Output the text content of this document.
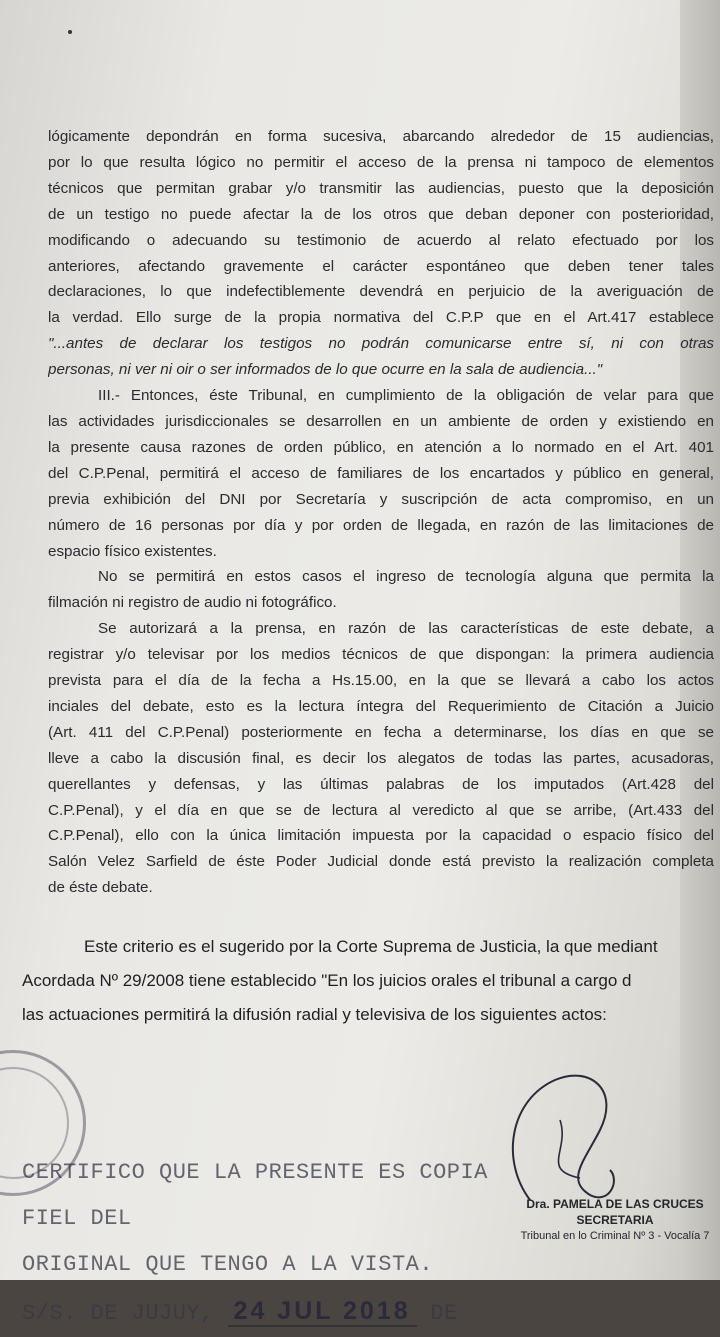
lógicamente depondrán en forma sucesiva, abarcando alrededor de 15 audiencias,
por lo que resulta lógico no permitir el acceso de la prensa ni tampoco de elementos
técnicos que permitan grabar y/o transmitir las audiencias, puesto que la deposición
de un testigo no puede afectar la de los otros que deban deponer con posterioridad,
modificando o adecuando su testimonio de acuerdo al relato efectuado por los
anteriores, afectando gravemente el carácter espontáneo que deben tener tales
declaraciones, lo que indefectiblemente devendrá en perjuicio de la averiguación de
la verdad. Ello surge de la propia normativa del C.P.P que en el Art.417 establece
"...antes de declarar los testigos no podrán comunicarse entre sí, ni con otras
personas, ni ver ni oir o ser informados de lo que ocurre en la sala de audiencia..."
III.- Entonces, éste Tribunal, en cumplimiento de la obligación de velar para que
las actividades jurisdiccionales se desarrollen en un ambiente de orden y existiendo en
la presente causa razones de orden público, en atención a lo normado en el Art. 401
del C.P.Penal, permitirá el acceso de familiares de los encartados y público en general,
previa exhibición del DNI por Secretaría y suscripción de acta compromiso, en un
número de 16 personas por día y por orden de llegada, en razón de las limitaciones de
espacio físico existentes.
No se permitirá en estos casos el ingreso de tecnología alguna que permita la
filmación ni registro de audio ni fotográfico.
Se autorizará a la prensa, en razón de las características de este debate, a
registrar y/o televisar por los medios técnicos de que dispongan: la primera audiencia
prevista para el día de la fecha a Hs.15.00, en la que se llevará a cabo los actos
inciales del debate, esto es la lectura íntegra del Requerimiento de Citación a Juicio
(Art. 411 del C.P.Penal) posteriormente en fecha a determinarse, los días en que se
lleve a cabo la discusión final, es decir los alegatos de todas las partes, acusadoras,
querellantes y defensas, y las últimas palabras de los imputados (Art.428 del
C.P.Penal), y el día en que se de lectura al veredicto al que se arribe, (Art.433 del
C.P.Penal), ello con la única limitación impuesta por la capacidad o espacio físico del
Salón Velez Sarfield de éste Poder Judicial donde está previsto la realización completa
de éste debate.
Este criterio es el sugerido por la Corte Suprema de Justicia, la que mediant
Acordada Nº 29/2008 tiene establecido "En los juicios orales el tribunal a cargo d
las actuaciones permitirá la difusión radial y televisiva de los siguientes actos:
CERTIFICO QUE LA PRESENTE ES COPIA FIEL DEL
ORIGINAL QUE TENGO A LA VISTA.
S/S. DE JUJUY, 24 JUL 2018 DE
Dra. PAMELA DE LAS CRUCES
SECRETARIA
Tribunal en lo Criminal Nº 3 - Vocalía 7
